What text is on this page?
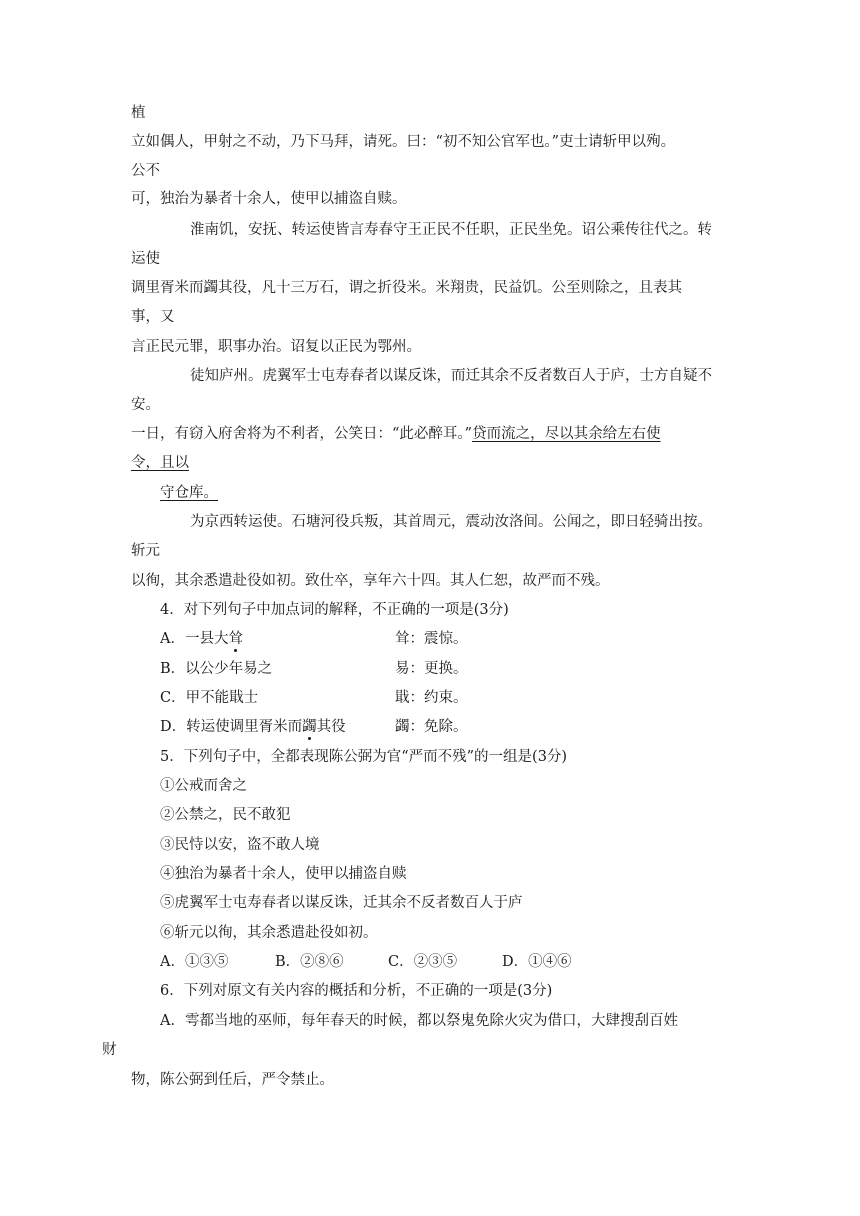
植
立如偶人，甲射之不动，乃下马拜，请死。曰：“初不知公官军也。”吏士请斩甲以殉。
公不
可，独治为暴者十余人，使甲以捕盗自赎。
淮南饥，安抚、转运使皆言寿春守王正民不任职，正民坐免。诏公乘传往代之。转
运使
调里胥米而蠲其役，凡十三万石，谓之折役米。米翔贵，民益饥。公至则除之，且表其
事，又
言正民元罪，职事办治。诏复以正民为鄂州。
徒知庐州。虎翼军士屯寿春者以谋反诛，而迁其余不反者数百人于庐，士方自疑不
安。
一日，有窃入府舍将为不利者，公笑日：“此必醉耳。”贷而流之，尽以其余给左右使
令，且以
守仓库。
为京西转运使。石塘河役兵叛，其首周元，震动汝洛间。公闻之，即日轻骑出按。
斩元
以徇，其余悉遣赴役如初。致仕卒，享年六十四。其人仁恕，故严而不残。
4．对下列句子中加点词的解释，不正确的一项是(3分)
A．一县大耸	耸：震惊。
B．以公少年易之	易：更换。
C．甲不能戢士	戢：约束。
D．转运使调里胥米而蠲其役	蠲：免除。
5．下列句子中，全都表现陈公弼为官“严而不残”的一组是(3分)
①公戒而舍之
②公禁之，民不敢犯
③民恃以安，盗不敢人境
④独治为暴者十余人，使甲以捕盗自赎
⑤虎翼军士屯寿春者以谋反诛，迁其余不反者数百人于庐
⑥斩元以徇，其余悉遣赴役如初。
A．①③⑤	B．②⑧⑥	C．②③⑤	D．①④⑥
6．下列对原文有关内容的概括和分析，不正确的一项是(3分)
A．雩都当地的巫师，每年春天的时候，都以祭鬼免除火灾为借口，大肆搜刮百姓
财
物，陈公弼到任后，严令禁止。
